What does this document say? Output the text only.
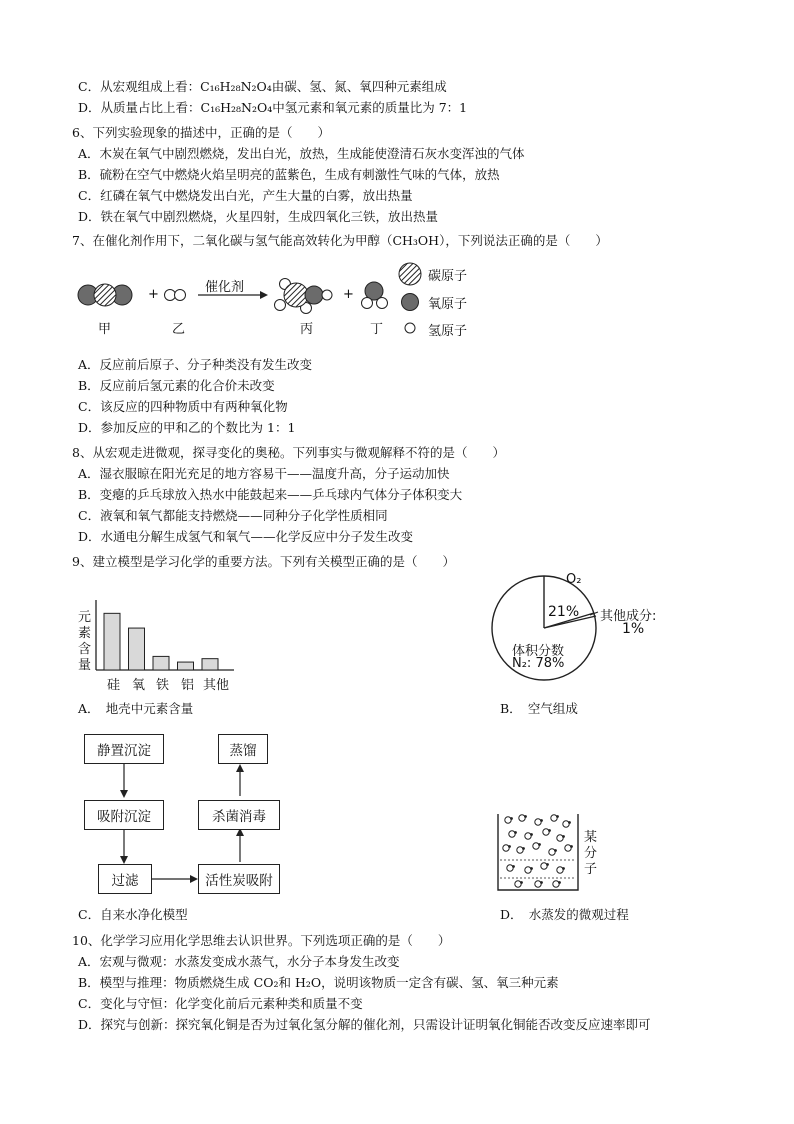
C．从宏观组成上看：C₁₆H₂₈N₂O₄由碳、氢、氮、氧四种元素组成
D．从质量占比上看：C₁₆H₂₈N₂O₄中氢元素和氧元素的质量比为 7：1
6、下列实验现象的描述中，正确的是（　　）
A．木炭在氧气中剧烈燃烧，发出白光，放热，生成能使澄清石灰水变浑浊的气体
B．硫粉在空气中燃烧火焰呈明亮的蓝紫色，生成有刺激性气味的气体，放热
C．红磷在氧气中燃烧发出白光，产生大量的白雾，放出热量
D．铁在氧气中剧烈燃烧，火星四射，生成四氧化三铁，放出热量
7、在催化剂作用下，二氧化碳与氢气能高效转化为甲醇（CH₃OH），下列说法正确的是（　　）
+	+
催化剂
甲	乙	丙	丁
碳原子
氧原子
氢原子
A．反应前后原子、分子种类没有发生改变
B．反应前后氢元素的化合价未改变
C．该反应的四种物质中有两种氧化物
D．参加反应的甲和乙的个数比为 1：1
8、从宏观走进微观，探寻变化的奥秘。下列事实与微观解释不符的是（　　）
A．湿衣服晾在阳光充足的地方容易干——温度升高，分子运动加快
B．变瘪的乒乓球放入热水中能鼓起来——乒乓球内气体分子体积变大
C．液氧和氧气都能支持燃烧——同种分子化学性质相同
D．水通电分解生成氢气和氧气——化学反应中分子发生改变
9、建立模型是学习化学的重要方法。下列有关模型正确的是（　　）
元
素
含
量
硅 氧 铁 铝 其他
A．　地壳中元素含量
O₂
21% 其他成分:
1%
体积分数
N₂: 78%
B．　空气组成
静置沉淀
吸附沉淀
过滤	活性炭吸附
杀菌消毒
蒸馏
C．自来水净化模型
某
分
子
D．　水蒸发的微观过程
10、化学学习应用化学思维去认识世界。下列选项正确的是（　　）
A．宏观与微观：水蒸发变成水蒸气，水分子本身发生改变
B．模型与推理：物质燃烧生成 CO₂和 H₂O，说明该物质一定含有碳、氢、氧三种元素
C．变化与守恒：化学变化前后元素种类和质量不变
D．探究与创新：探究氧化铜是否为过氧化氢分解的催化剂，只需设计证明氧化铜能否改变反应速率即可
